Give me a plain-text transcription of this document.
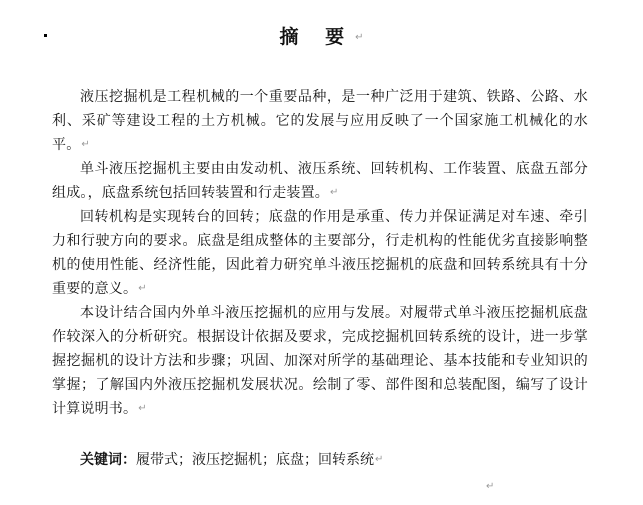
摘 要↵

液压挖掘机是工程机械的一个重要品种，是一种广泛用于建筑、铁路、公路、水利、采矿等建设工程的土方机械。它的发展与应用反映了一个国家施工机械化的水平。↵

单斗液压挖掘机主要由由发动机、液压系统、回转机构、工作装置、底盘五部分组成。，底盘系统包括回转装置和行走装置。↵

回转机构是实现转台的回转；底盘的作用是承重、传力并保证满足对车速、牵引力和行驶方向的要求。底盘是组成整体的主要部分，行走机构的性能优劣直接影响整机的使用性能、经济性能，因此着力研究单斗液压挖掘机的底盘和回转系统具有十分重要的意义。↵

本设计结合国内外单斗液压挖掘机的应用与发展。对履带式单斗液压挖掘机底盘作较深入的分析研究。根据设计依据及要求，完成挖掘机回转系统的设计，进一步掌握挖掘机的设计方法和步骤；巩固、加深对所学的基础理论、基本技能和专业知识的掌握；了解国内外液压挖掘机发展状况。绘制了零、部件图和总装配图，编写了设计计算说明书。↵

关键词：履带式；液压挖掘机；底盘；回转系统↵
↵
